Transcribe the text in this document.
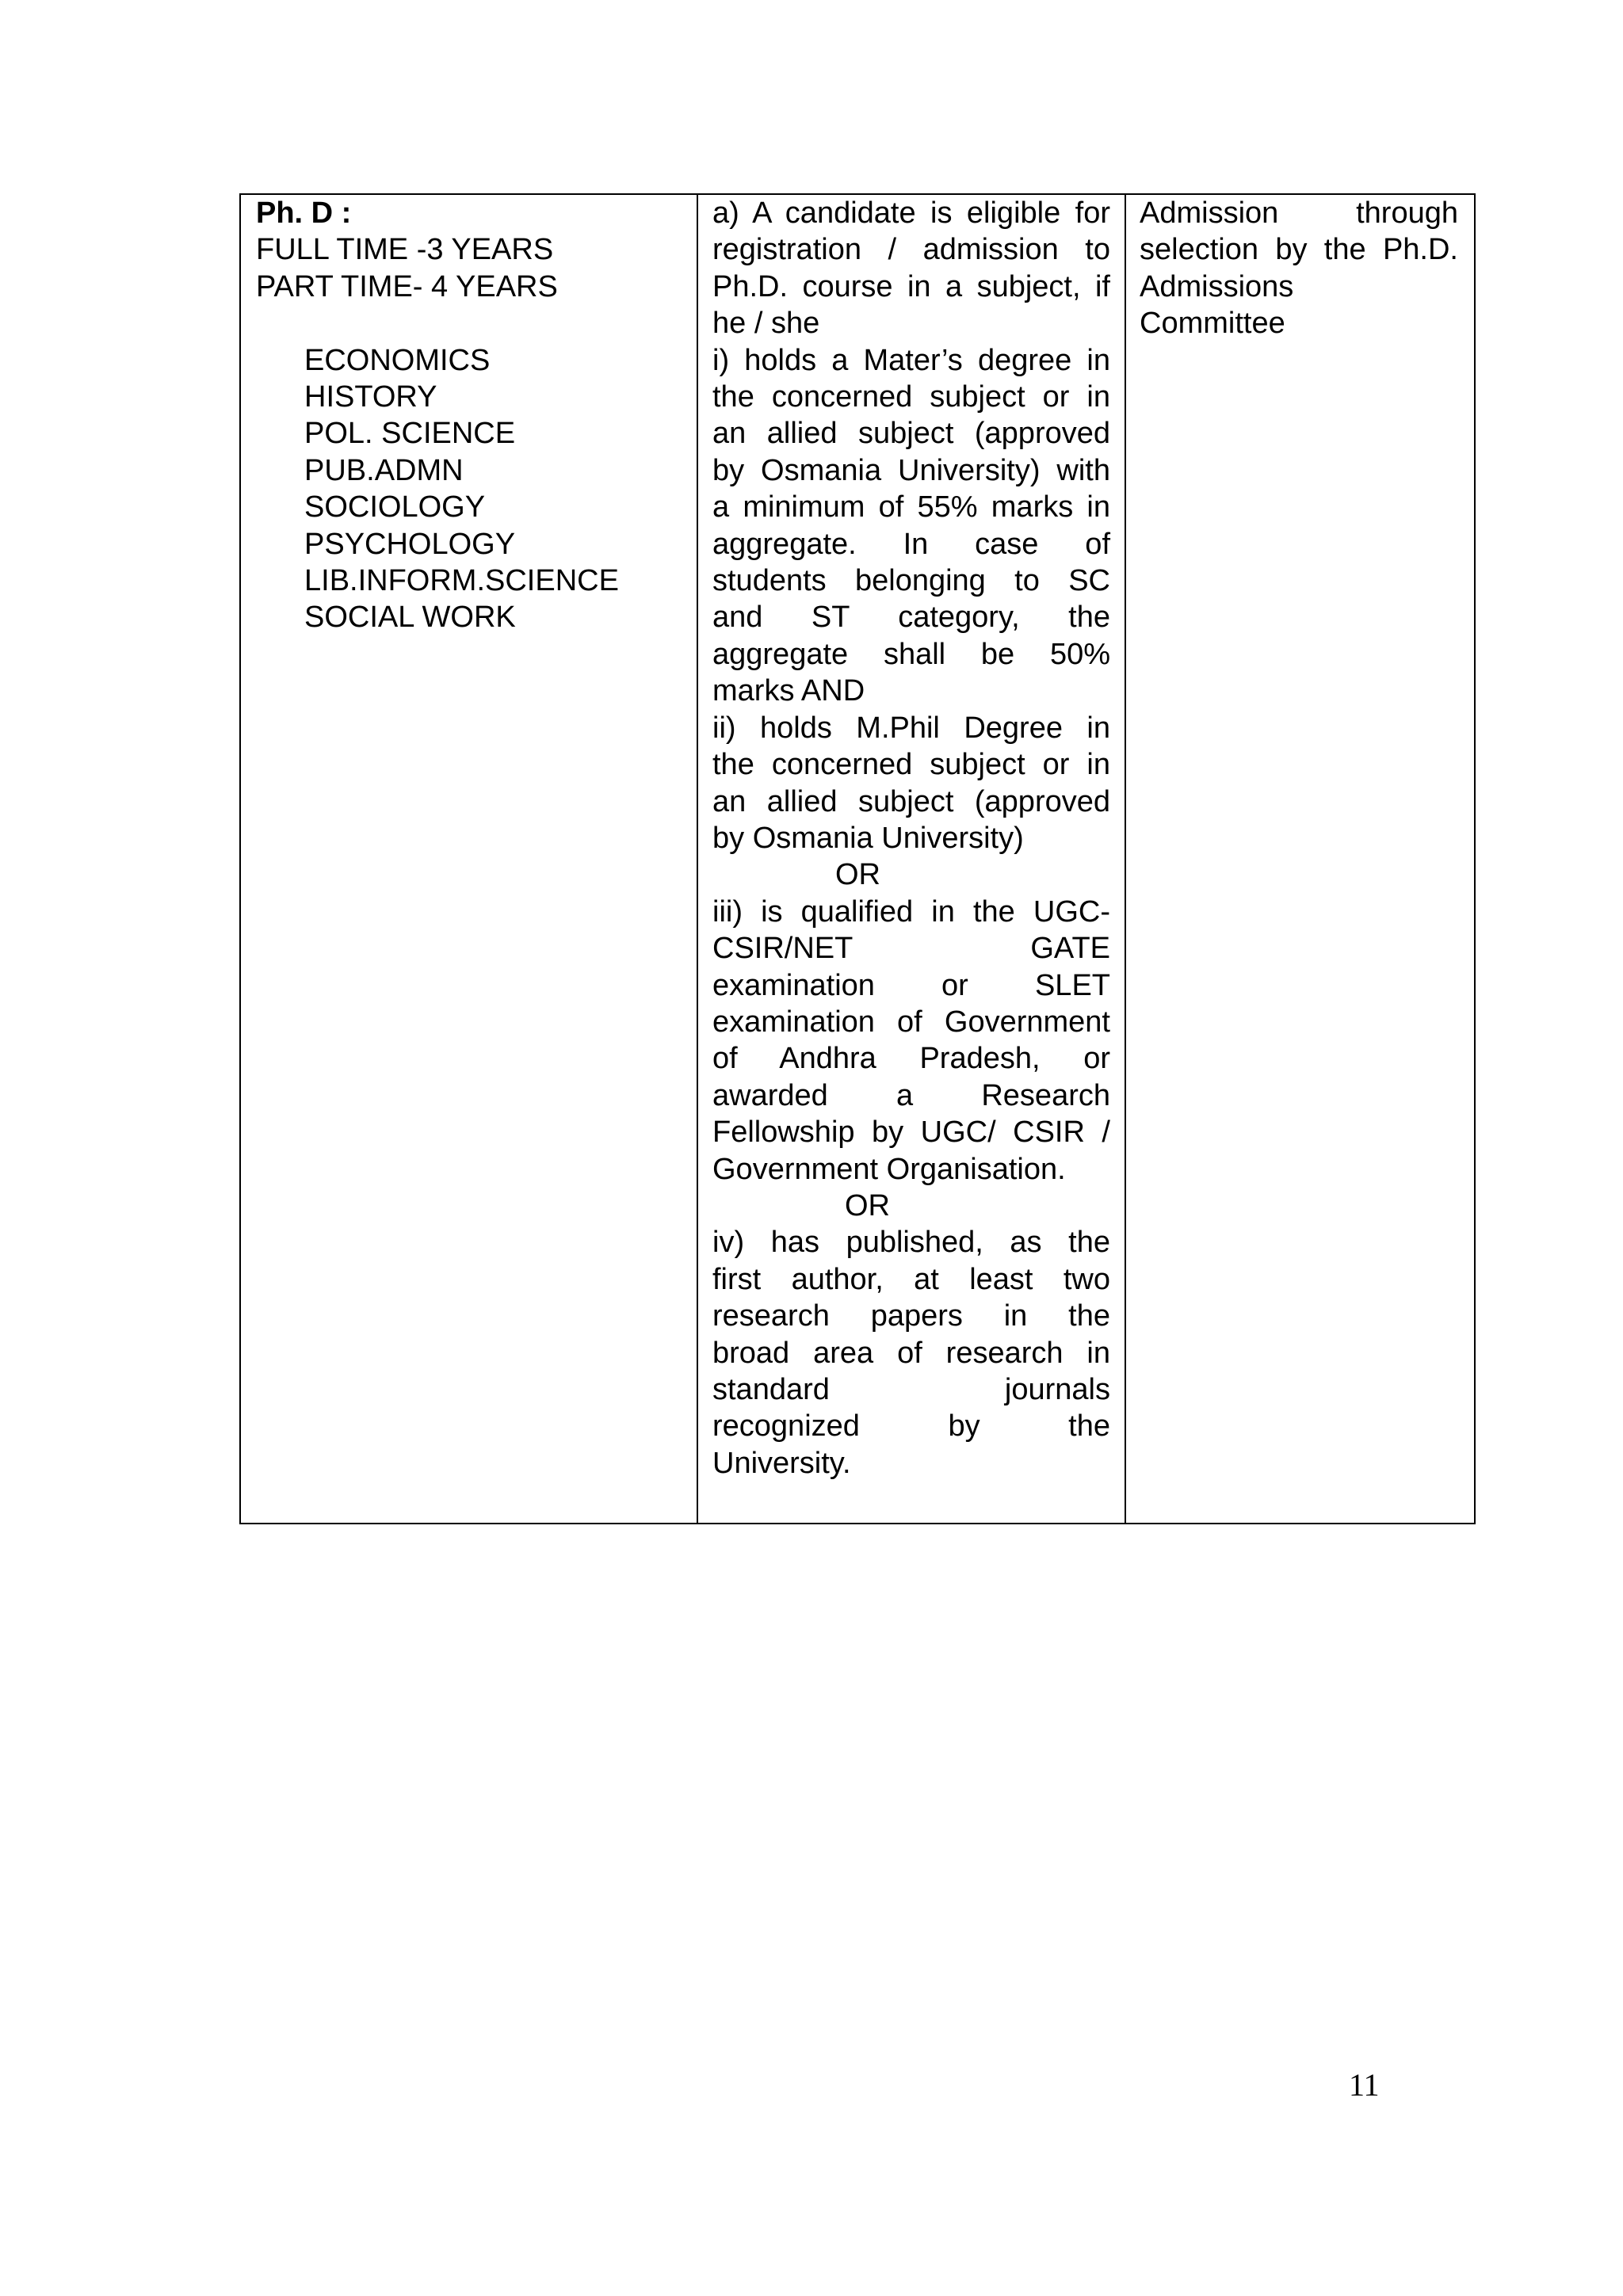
Ph. D :
FULL TIME -3 YEARS
PART TIME- 4 YEARS
ECONOMICS
HISTORY
POL. SCIENCE
PUB.ADMN
SOCIOLOGY
PSYCHOLOGY
LIB.INFORM.SCIENCE
SOCIAL WORK

a) A candidate is eligible for
registration / admission to
Ph.D. course in a subject, if
he / she
i) holds a Mater’s degree in
the concerned subject or in
an allied subject (approved
by Osmania University) with
a minimum of 55% marks in
aggregate. In case of
students belonging to SC
and ST category, the
aggregate shall be 50%
marks AND
ii) holds M.Phil Degree in
the concerned subject or in
an allied subject (approved
by Osmania University)
OR
iii) is qualified in the UGC-
CSIR/NET GATE
examination or SLET
examination of Government
of Andhra Pradesh, or
awarded a Research
Fellowship by UGC/ CSIR /
Government Organisation.
OR
iv) has published, as the
first author, at least two
research papers in the
broad area of research in
standard journals
recognized by the
University.

Admission through
selection by the Ph.D.
Admissions
Committee
11
